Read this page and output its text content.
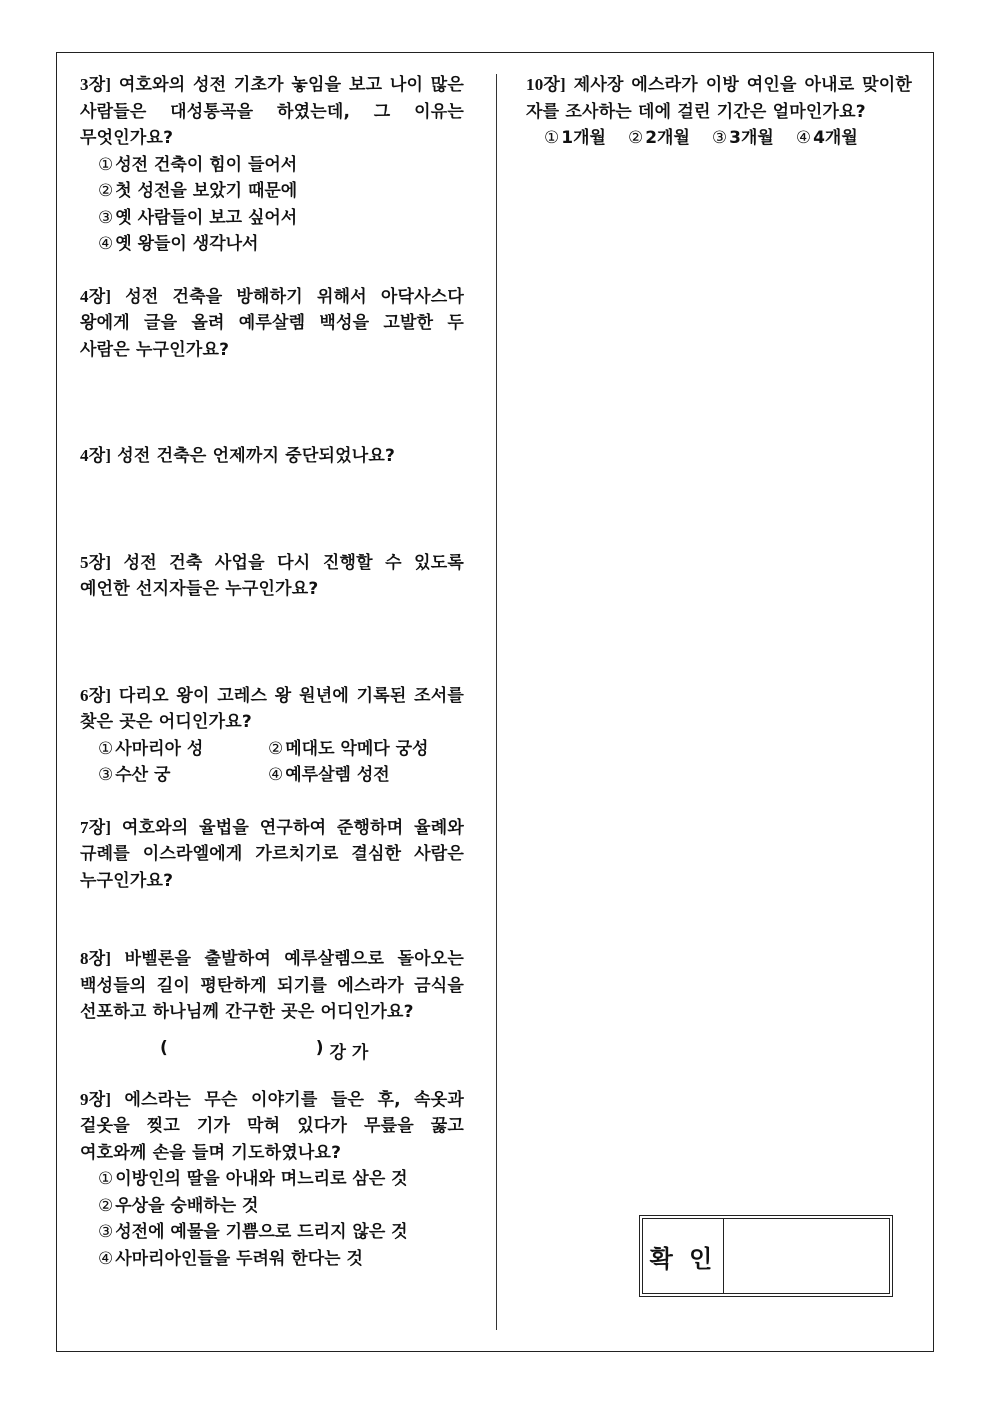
3장] 여호와의 성전 기초가 놓임을 보고 나이 많은 사람들은 대성통곡을 하였는데, 그 이유는 무엇인가요?
① 성전 건축이 힘이 들어서
② 첫 성전을 보았기 때문에
③ 옛 사람들이 보고 싶어서
④ 옛 왕들이 생각나서
4장] 성전 건축을 방해하기 위해서 아닥사스다 왕에게 글을 올려 예루살렘 백성을 고발한 두 사람은 누구인가요?
4장] 성전 건축은 언제까지 중단되었나요?
5장] 성전 건축 사업을 다시 진행할 수 있도록 예언한 선지자들은 누구인가요?
6장] 다리오 왕이 고레스 왕 원년에 기록된 조서를 찾은 곳은 어디인가요?
① 사마리아 성	② 메대도 악메다 궁성
③ 수산 궁	④ 예루살렘 성전
7장] 여호와의 율법을 연구하여 준행하며 율례와 규례를 이스라엘에게 가르치기로 결심한 사람은 누구인가요?
8장] 바벨론을 출발하여 예루살렘으로 돌아오는 백성들의 길이 평탄하게 되기를 에스라가 금식을 선포하고 하나님께 간구한 곳은 어디인가요?
(	) 강 가
9장] 에스라는 무슨 이야기를 들은 후, 속옷과 겉옷을 찢고 기가 막혀 있다가 무릎을 꿇고 여호와께 손을 들며 기도하였나요?
① 이방인의 딸을 아내와 며느리로 삼은 것
② 우상을 숭배하는 것
③ 성전에 예물을 기쁨으로 드리지 않은 것
④ 사마리아인들을 두려워 한다는 것
10장] 제사장 에스라가 이방 여인을 아내로 맞이한 자를 조사하는 데에 걸린 기간은 얼마인가요?
① 1개월 ② 2개월 ③ 3개월 ④ 4개월
확 인
